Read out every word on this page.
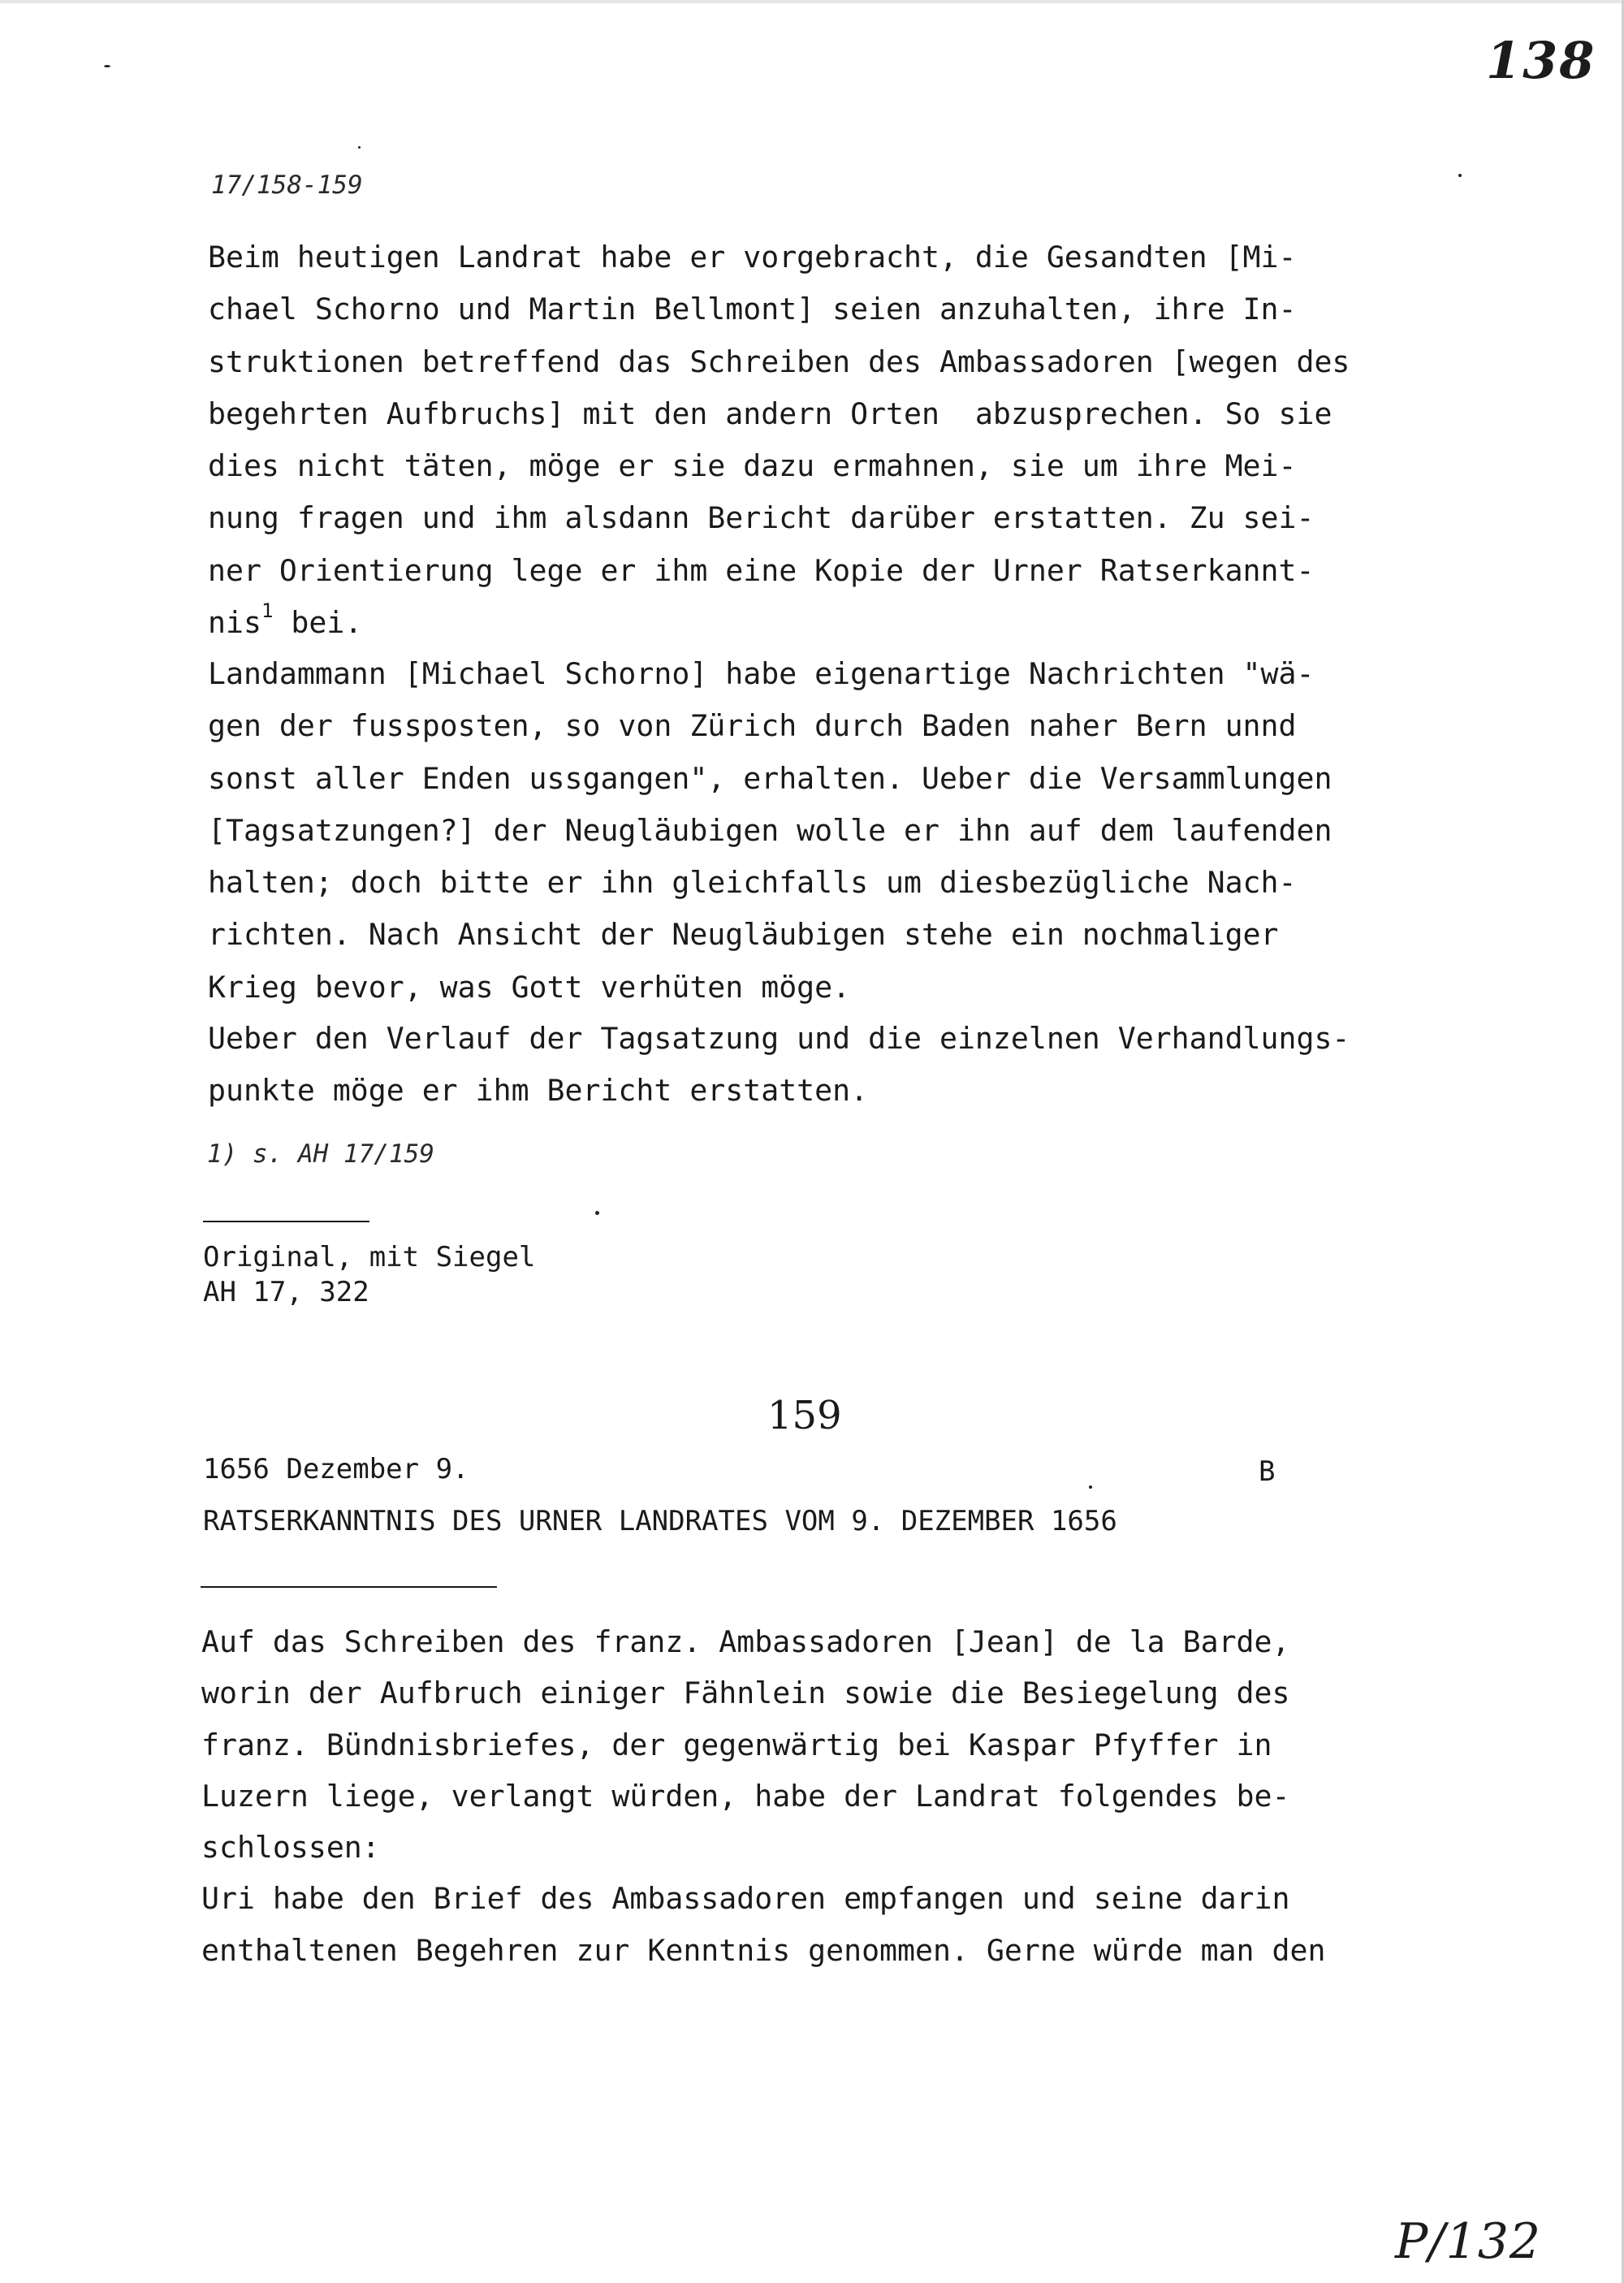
138
17/158-159
Beim heutigen Landrat habe er vorgebracht, die Gesandten [Mi-
chael Schorno und Martin Bellmont] seien anzuhalten, ihre In-
struktionen betreffend das Schreiben des Ambassadoren [wegen des
begehrten Aufbruchs] mit den andern Orten  abzusprechen. So sie
dies nicht täten, möge er sie dazu ermahnen, sie um ihre Mei-
nung fragen und ihm alsdann Bericht darüber erstatten. Zu sei-
ner Orientierung lege er ihm eine Kopie der Urner Ratserkannt-
nis$^1$ bei.
Landammann [Michael Schorno] habe eigenartige Nachrichten "wä-
gen der fussposten, so von Zürich durch Baden naher Bern unnd
sonst aller Enden ussgangen", erhalten. Ueber die Versammlungen
[Tagsatzungen?] der Neugläubigen wolle er ihn auf dem laufenden
halten; doch bitte er ihn gleichfalls um diesbezügliche Nach-
richten. Nach Ansicht der Neugläubigen stehe ein nochmaliger
Krieg bevor, was Gott verhüten möge.
Ueber den Verlauf der Tagsatzung und die einzelnen Verhandlungs-
punkte möge er ihm Bericht erstatten.
1) s. AH 17/159
Original, mit Siegel
AH 17, 322
159
1656 Dezember 9.	B
RATSERKANNTNIS DES URNER LANDRATES VOM 9. DEZEMBER 1656
Auf das Schreiben des franz. Ambassadoren [Jean] de la Barde,
worin der Aufbruch einiger Fähnlein sowie die Besiegelung des
franz. Bündnisbriefes, der gegenwärtig bei Kaspar Pfyffer in
Luzern liege, verlangt würden, habe der Landrat folgendes be-
schlossen:
Uri habe den Brief des Ambassadoren empfangen und seine darin
enthaltenen Begehren zur Kenntnis genommen. Gerne würde man den
P/132
